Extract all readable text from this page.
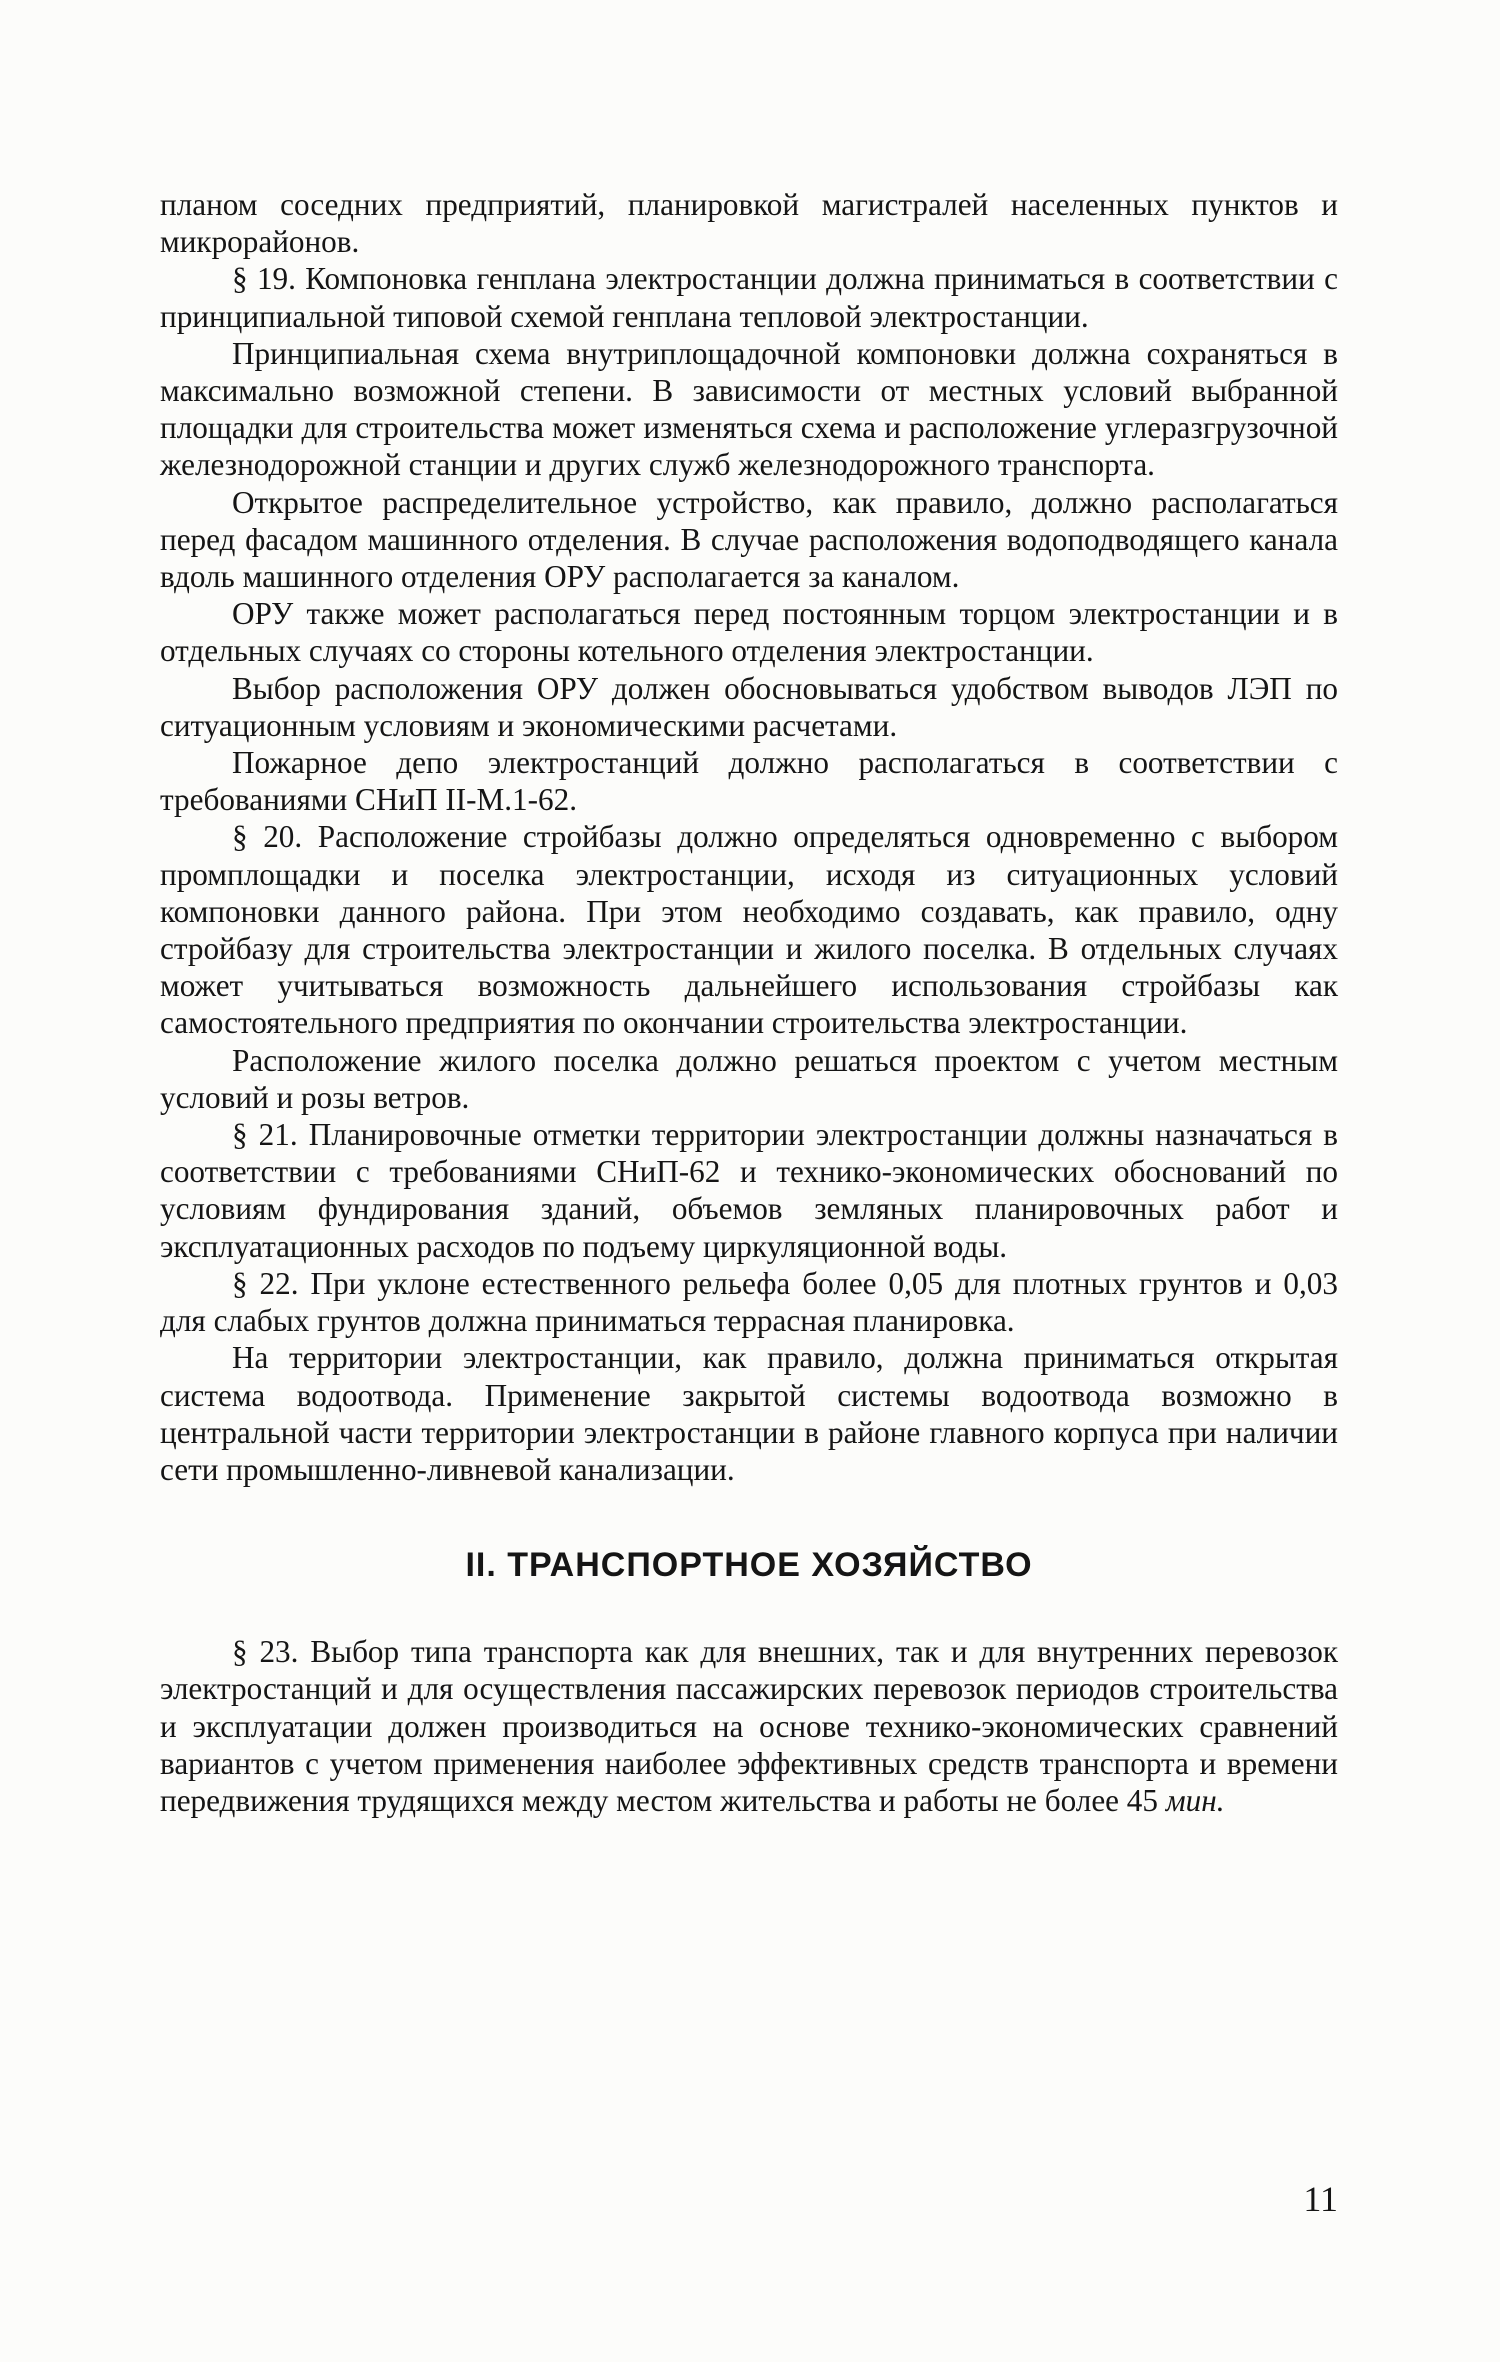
планом соседних предприятий, планировкой магистралей населенных пунктов и микрорайонов.

§ 19. Компоновка генплана электростанции должна приниматься в соответствии с принципиальной типовой схемой генплана тепловой электростанции.

Принципиальная схема внутриплощадочной компоновки должна сохраняться в максимально возможной степени. В зависимости от местных условий выбранной площадки для строительства может изменяться схема и расположение углеразгрузочной железнодорожной станции и других служб железнодорожного транспорта.

Открытое распределительное устройство, как правило, должно располагаться перед фасадом машинного отделения. В случае расположения водоподводящего канала вдоль машинного отделения ОРУ располагается за каналом.

ОРУ также может располагаться перед постоянным торцом электростанции и в отдельных случаях со стороны котельного отделения электростанции.

Выбор расположения ОРУ должен обосновываться удобством выводов ЛЭП по ситуационным условиям и экономическими расчетами.

Пожарное депо электростанций должно располагаться в соответствии с требованиями СНиП II-М.1-62.

§ 20. Расположение стройбазы должно определяться одновременно с выбором промплощадки и поселка электростанции, исходя из ситуационных условий компоновки данного района. При этом необходимо создавать, как правило, одну стройбазу для строительства электростанции и жилого поселка. В отдельных случаях может учитываться возможность дальнейшего использования стройбазы как самостоятельного предприятия по окончании строительства электростанции.

Расположение жилого поселка должно решаться проектом с учетом местным условий и розы ветров.

§ 21. Планировочные отметки территории электростанции должны назначаться в соответствии с требованиями СНиП-62 и технико-экономических обоснований по условиям фундирования зданий, объемов земляных планировочных работ и эксплуатационных расходов по подъему циркуляционной воды.

§ 22. При уклоне естественного рельефа более 0,05 для плотных грунтов и 0,03 для слабых грунтов должна приниматься террасная планировка.

На территории электростанции, как правило, должна приниматься открытая система водоотвода. Применение закрытой системы водоотвода возможно в центральной части территории электростанции в районе главного корпуса при наличии сети промышленно-ливневой канализации.

II. ТРАНСПОРТНОЕ ХОЗЯЙСТВО

§ 23. Выбор типа транспорта как для внешних, так и для внутренних перевозок электростанций и для осуществления пассажирских перевозок периодов строительства и эксплуатации должен производиться на основе технико-экономических сравнений вариантов с учетом применения наиболее эффективных средств транспорта и времени передвижения трудящихся между местом жительства и работы не более 45 мин.

11
